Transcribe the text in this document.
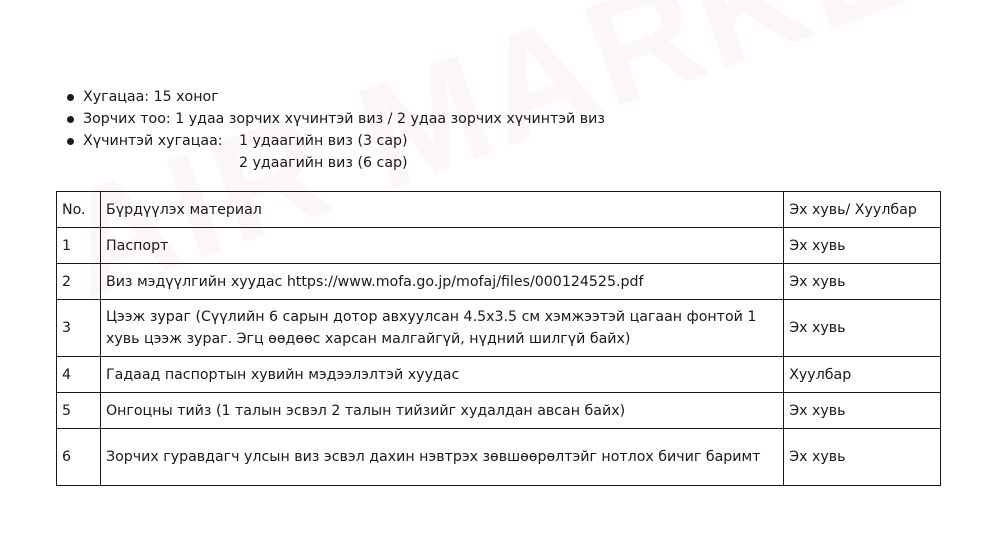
Хугацаа: 15 хоног
Зорчих тоо: 1 удаа зорчих хүчинтэй виз / 2 удаа зорчих хүчинтэй виз
Хүчинтэй хугацаа:	1 удаагийн виз (3 сар)
2 удаагийн виз (6 сар)
No.	Бүрдүүлэх материал	Эх хувь/ Хуулбар
1	Паспорт	Эх хувь
2	Виз мэдүүлгийн хуудас https://www.mofa.go.jp/mofaj/files/000124525.pdf	Эх хувь
3	Цээж зураг (Сүүлийн 6 сарын дотор авхуулсан 4.5x3.5 см хэмжээтэй цагаан фонтой 1 хувь цээж зураг. Эгц өөдөөс харсан малгайгүй, нүдний шилгүй байх)	Эх хувь
4	Гадаад паспортын хувийн мэдээлэлтэй хуудас	Хуулбар
5	Онгоцны тийз (1 талын эсвэл 2 талын тийзийг худалдан авсан байх)	Эх хувь
6	Зорчих гуравдагч улсын виз эсвэл дахин нэвтрэх зөвшөөрөлтэйг нотлох бичиг баримт	Эх хувь
